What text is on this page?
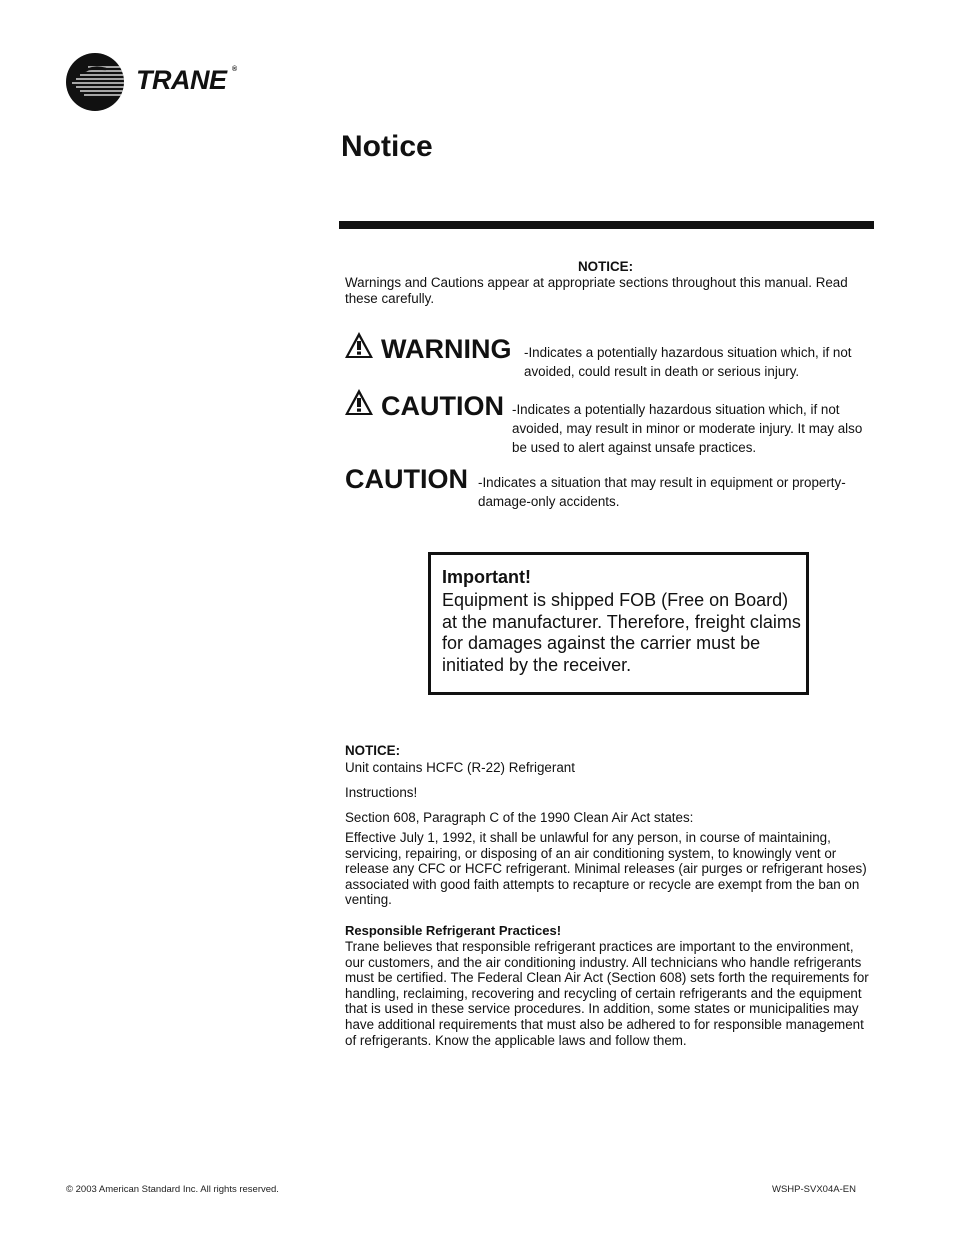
TRANE ®
Notice
NOTICE:
Warnings and Cautions appear at appropriate sections throughout this manual. Read these carefully.
WARNING -Indicates a potentially hazardous situation which, if not avoided, could result in death or serious injury.
CAUTION -Indicates a potentially hazardous situation which, if not avoided, may result in minor or moderate injury. It may also be used to alert against unsafe practices.
CAUTION -Indicates a situation that may result in equipment or property-damage-only accidents.
Important!
Equipment is shipped FOB (Free on Board) at the manufacturer. Therefore, freight claims for damages against the carrier must be initiated by the receiver.
NOTICE:
Unit contains HCFC (R-22) Refrigerant
Instructions!
Section 608, Paragraph C of the 1990 Clean Air Act states:
Effective July 1, 1992, it shall be unlawful for any person, in course of maintaining, servicing, repairing, or disposing of an air conditioning system, to knowingly vent or release any CFC or HCFC refrigerant. Minimal releases (air purges or refrigerant hoses) associated with good faith attempts to recapture or recycle are exempt from the ban on venting.
Responsible Refrigerant Practices!
Trane believes that responsible refrigerant practices are important to the environment, our customers, and the air conditioning industry. All technicians who handle refrigerants must be certified. The Federal Clean Air Act (Section 608) sets forth the requirements for handling, reclaiming, recovering and recycling of certain refrigerants and the equipment that is used in these service procedures. In addition, some states or municipalities may have additional requirements that must also be adhered to for responsible management of refrigerants. Know the applicable laws and follow them.
© 2003 American Standard Inc. All rights reserved.	WSHP-SVX04A-EN
